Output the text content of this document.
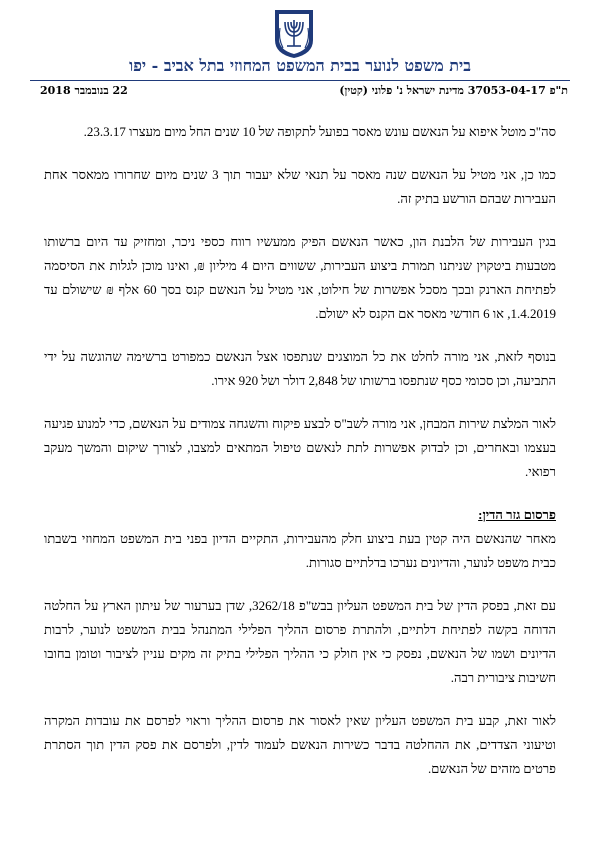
בית משפט לנוער בבית המשפט המחוזי בתל אביב - יפו
ת"פ 37053-04-17 מדינת ישראל נ' פלוני (קטין)
22 בנובמבר 2018

סה"כ מוטל איפוא על הנאשם עונש מאסר בפועל לתקופה של 10 שנים החל מיום מעצרו 23.3.17.

כמו כן, אני מטיל על הנאשם שנה מאסר על תנאי שלא יעבור תוך 3 שנים מיום שחרורו ממאסר אחת העבירות שבהם הורשע בתיק זה.

בגין העבירות של הלבנת הון, כאשר הנאשם הפיק ממעשיו רווח כספי ניכר, ומחזיק עד היום ברשותו מטבעות ביטקוין שניתנו תמורת ביצוע העבירות, ששווים היום 4 מיליון ₪, ואינו מוכן לגלות את הסיסמה לפתיחת הארנק ובכך מסכל אפשרות של חילוט, אני מטיל על הנאשם קנס בסך 60 אלף ₪ שישולם עד 1.4.2019, או 6 חודשי מאסר אם הקנס לא ישולם.

בנוסף לזאת, אני מורה לחלט את כל המוצגים שנתפסו אצל הנאשם כמפורט ברשימה שהוגשה על ידי התביעה, וכן סכומי כסף שנתפסו ברשותו של 2,848 דולר ושל 920 אירו.

לאור המלצת שירות המבחן, אני מורה לשב"ס לבצע פיקוח והשגחה צמודים על הנאשם, כדי למנוע פגיעה בעצמו ובאחרים, וכן לבדוק אפשרות לתת לנאשם טיפול המתאים למצבו, לצורך שיקום והמשך מעקב רפואי.

פרסום גזר הדין:

מאחר שהנאשם היה קטין בעת ביצוע חלק מהעבירות, התקיים הדיון בפני בית המשפט המחוזי בשבתו כבית משפט לנוער, והדיונים נערכו בדלתיים סגורות.

עם זאת, בפסק הדין של בית המשפט העליון בבש"פ 3262/18, שדן בערעור של עיתון הארץ על החלטה הדוחה בקשה לפתיחת דלתיים, ולהתרת פרסום ההליך הפלילי המתנהל בבית המשפט לנוער, לרבות הדיונים ושמו של הנאשם, נפסק כי אין חולק כי ההליך הפלילי בתיק זה מקים עניין לציבור וטומן בחובו חשיבות ציבורית רבה.

לאור זאת, קבע בית המשפט העליון שאין לאסור את פרסום ההליך וראוי לפרסם את עובדות המקרה וטיעוני הצדדים, את ההחלטה בדבר כשירות הנאשם לעמוד לדין, ולפרסם את פסק הדין תוך הסתרת פרטים מזהים של הנאשם.
